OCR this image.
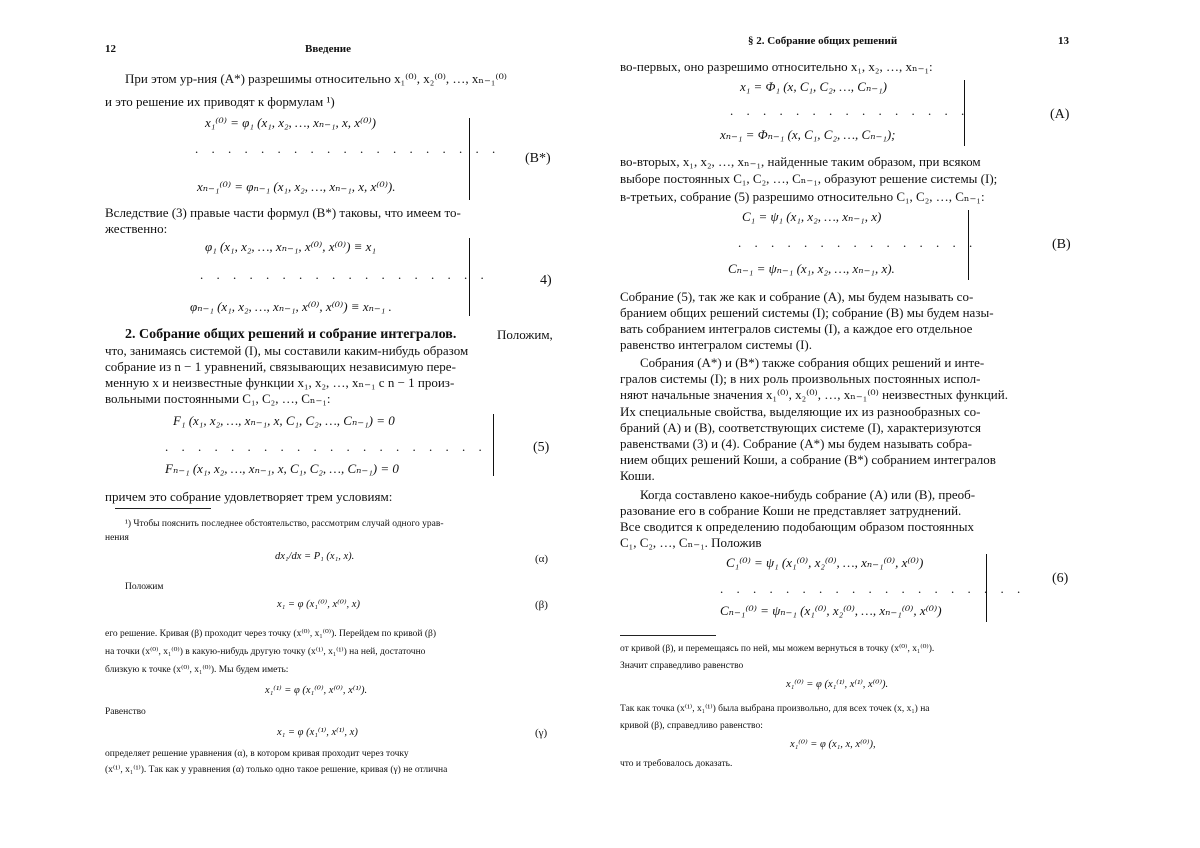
12	Введение
При этом ур-ния (A*) разрешимы относительно x₁⁽⁰⁾, x₂⁽⁰⁾, …, xₙ₋₁⁽⁰⁾
и это решение их приводят к формулам ¹)
x₁⁽⁰⁾ = φ₁ (x₁, x₂, …, xₙ₋₁, x, x⁽⁰⁾)
. . . . . . . . . . . . . . . . . . .
xₙ₋₁⁽⁰⁾ = φₙ₋₁ (x₁, x₂, …, xₙ₋₁, x, x⁽⁰⁾).
(B*)
Вследствие (3) правые части формул (B*) таковы, что имеем то-
жественно:
φ₁ (x₁, x₂, …, xₙ₋₁, x⁽⁰⁾, x⁽⁰⁾) ≡ x₁
. . . . . . . . . . . . . . . . . .
φₙ₋₁ (x₁, x₂, …, xₙ₋₁, x⁽⁰⁾, x⁽⁰⁾) ≡ xₙ₋₁ .
4)
2. Собрание общих решений и собрание интегралов.	Положим,
что, занимаясь системой (I), мы составили каким-нибудь образом
собрание из n − 1 уравнений, связывающих независимую пере-
менную x и неизвестные функции x₁, x₂, …, xₙ₋₁ с n − 1 произ-
вольными постоянными C₁, C₂, …, Cₙ₋₁:
F₁ (x₁, x₂, …, xₙ₋₁, x, C₁, C₂, …, Cₙ₋₁) = 0
. . . . . . . . . . . . . . . . . . . .
Fₙ₋₁ (x₁, x₂, …, xₙ₋₁, x, C₁, C₂, …, Cₙ₋₁) = 0
(5)
причем это собрание удовлетворяет трем условиям:
¹) Чтобы пояснить последнее обстоятельство, рассмотрим случай одного урав-
нения
dx₁/dx = P₁ (x₁, x).	(α)
Положим
x₁ = φ (x₁⁽⁰⁾, x⁽⁰⁾, x)	(β)
его решение. Кривая (β) проходит через точку (x⁽⁰⁾, x₁⁽⁰⁾). Перейдем по кривой (β)
на точки (x⁽⁰⁾, x₁⁽⁰⁾) в какую-нибудь другую точку (x⁽¹⁾, x₁⁽¹⁾) на ней, достаточно
близкую к точке (x⁽⁰⁾, x₁⁽⁰⁾). Мы будем иметь:
x₁⁽¹⁾ = φ (x₁⁽⁰⁾, x⁽⁰⁾, x⁽¹⁾).
Равенство
x₁ = φ (x₁⁽¹⁾, x⁽¹⁾, x)	(γ)
определяет решение уравнения (α), в котором кривая проходит через точку
(x⁽¹⁾, x₁⁽¹⁾). Так как у уравнения (α) только одно такое решение, кривая (γ) не отлична
§ 2. Собрание общих решений	13
во-первых, оно разрешимо относительно x₁, x₂, …, xₙ₋₁:
x₁ = Φ₁ (x, C₁, C₂, …, Cₙ₋₁)
. . . . . . . . . . . . . . .
xₙ₋₁ = Φₙ₋₁ (x, C₁, C₂, …, Cₙ₋₁);
(A)
во-вторых, x₁, x₂, …, xₙ₋₁, найденные таким образом, при всяком
выборе постоянных C₁, C₂, …, Cₙ₋₁, образуют решение системы (I);
в-третьих, собрание (5) разрешимо относительно C₁, C₂, …, Cₙ₋₁:
C₁ = ψ₁ (x₁, x₂, …, xₙ₋₁, x)
. . . . . . . . . . . . . . .
Cₙ₋₁ = ψₙ₋₁ (x₁, x₂, …, xₙ₋₁, x).
(B)
Собрание (5), так же как и собрание (A), мы будем называть со-
бранием общих решений системы (I); собрание (B) мы будем назы-
вать собранием интегралов системы (I), а каждое его отдельное
равенство интегралом системы (I).
Собрания (A*) и (B*) также собрания общих решений и инте-
гралов системы (I); в них роль произвольных постоянных испол-
няют начальные значения x₁⁽⁰⁾, x₂⁽⁰⁾, …, xₙ₋₁⁽⁰⁾ неизвестных функций.
Их специальные свойства, выделяющие их из разнообразных со-
браний (A) и (B), соответствующих системе (I), характеризуются
равенствами (3) и (4). Собрание (A*) мы будем называть собра-
нием общих решений Коши, а собрание (B*) собранием интегралов
Коши.
Когда составлено какое-нибудь собрание (A) или (B), преоб-
разование его в собрание Коши не представляет затруднений.
Все сводится к определению подобающим образом постоянных
C₁, C₂, …, Cₙ₋₁. Положив
C₁⁽⁰⁾ = ψ₁ (x₁⁽⁰⁾, x₂⁽⁰⁾, …, xₙ₋₁⁽⁰⁾, x⁽⁰⁾)
. . . . . . . . . . . . . . . . . . .
Cₙ₋₁⁽⁰⁾ = ψₙ₋₁ (x₁⁽⁰⁾, x₂⁽⁰⁾, …, xₙ₋₁⁽⁰⁾, x⁽⁰⁾)
(6)
от кривой (β), и перемещаясь по ней, мы можем вернуться в точку (x⁽⁰⁾, x₁⁽⁰⁾).
Значит справедливо равенство
x₁⁽⁰⁾ = φ (x₁⁽¹⁾, x⁽¹⁾, x⁽⁰⁾).
Так как точка (x⁽¹⁾, x₁⁽¹⁾) была выбрана произвольно, для всех точек (x, x₁) на
кривой (β), справедливо равенство:
x₁⁽⁰⁾ = φ (x₁, x, x⁽⁰⁾),
что и требовалось доказать.
